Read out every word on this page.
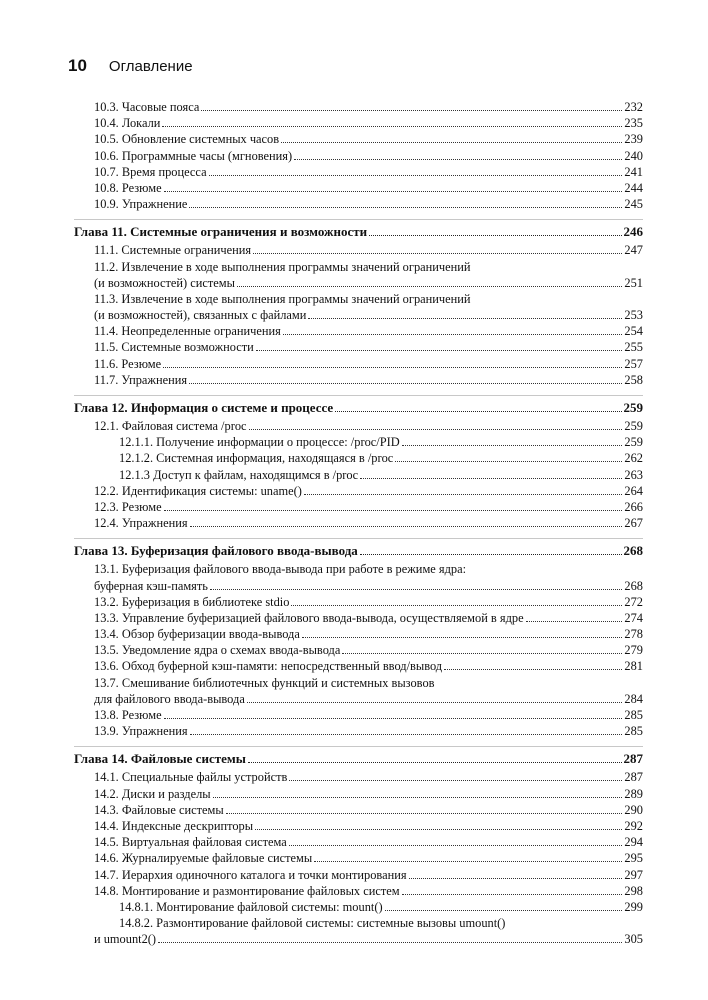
10 Оглавление
10.3. Часовые пояса	232
10.4. Локали	235
10.5. Обновление системных часов	239
10.6. Программные часы (мгновения)	240
10.7. Время процесса	241
10.8. Резюме	244
10.9. Упражнение	245
Глава 11. Системные ограничения и возможности	246
11.1. Системные ограничения	247
11.2. Извлечение в ходе выполнения программы значений ограничений
(и возможностей) системы	251
11.3. Извлечение в ходе выполнения программы значений ограничений
(и возможностей), связанных с файлами	253
11.4. Неопределенные ограничения	254
11.5. Системные возможности	255
11.6. Резюме	257
11.7. Упражнения	258
Глава 12. Информация о системе и процессе	259
12.1. Файловая система /proc	259
12.1.1. Получение информации о процессе: /proc/PID	259
12.1.2. Системная информация, находящаяся в /proc	262
12.1.3 Доступ к файлам, находящимся в /proc	263
12.2. Идентификация системы: uname()	264
12.3. Резюме	266
12.4. Упражнения	267
Глава 13. Буферизация файлового ввода-вывода	268
13.1. Буферизация файлового ввода-вывода при работе в режиме ядра:
буферная кэш-память	268
13.2. Буферизация в библиотеке stdio	272
13.3. Управление буферизацией файлового ввода-вывода, осуществляемой в ядре	274
13.4. Обзор буферизации ввода-вывода	278
13.5. Уведомление ядра о схемах ввода-вывода	279
13.6. Обход буферной кэш-памяти: непосредственный ввод/вывод	281
13.7. Смешивание библиотечных функций и системных вызовов
для файлового ввода-вывода	284
13.8. Резюме	285
13.9. Упражнения	285
Глава 14. Файловые системы	287
14.1. Специальные файлы устройств	287
14.2. Диски и разделы	289
14.3. Файловые системы	290
14.4. Индексные дескрипторы	292
14.5. Виртуальная файловая система	294
14.6. Журналируемые файловые системы	295
14.7. Иерархия одиночного каталога и точки монтирования	297
14.8. Монтирование и размонтирование файловых систем	298
14.8.1. Монтирование файловой системы: mount()	299
14.8.2. Размонтирование файловой системы: системные вызовы umount()
и umount2()	305
